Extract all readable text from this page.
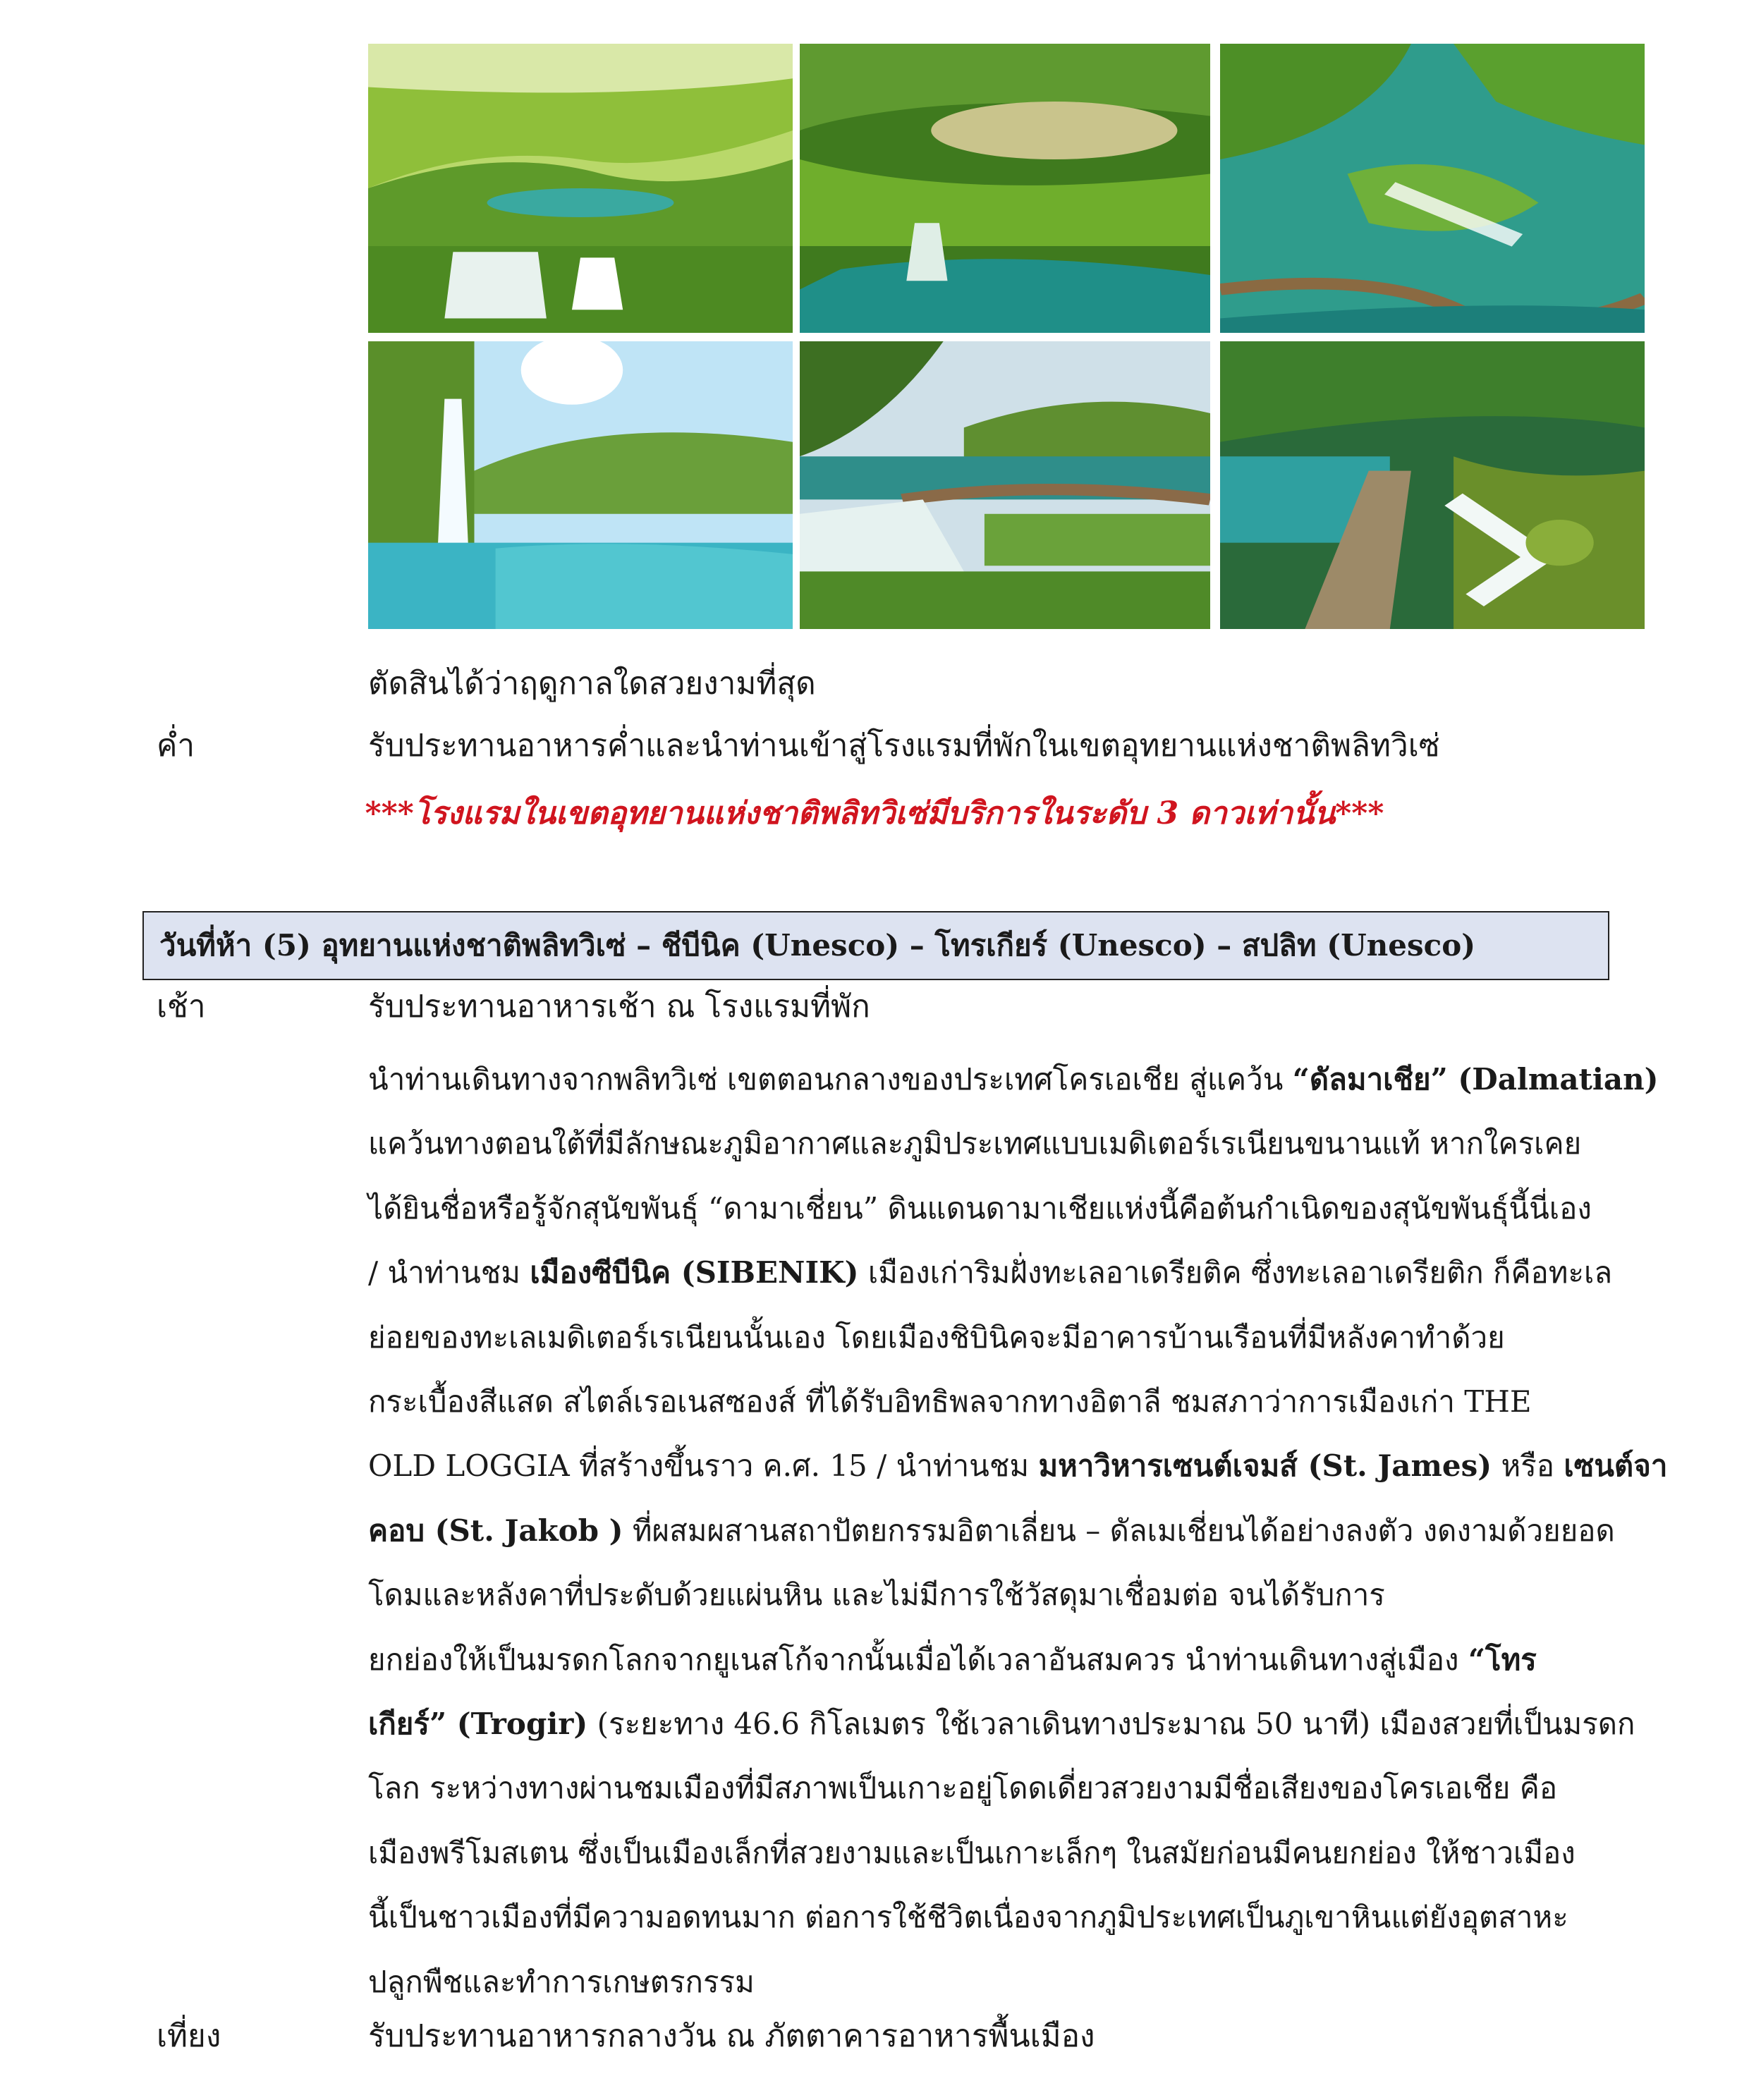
ตัดสินได้ว่าฤดูกาลใดสวยงามที่สุด
ค่ำ	รับประทานอาหารค่ำและนำท่านเข้าสู่โรงแรมที่พักในเขตอุทยานแห่งชาติพลิทวิเซ่
***โรงแรมในเขตอุทยานแห่งชาติพลิทวิเซ่มีบริการในระดับ 3 ดาวเท่านั้น***
วันที่ห้า (5) อุทยานแห่งชาติพลิทวิเซ่ – ชีบีนิค (Unesco) – โทรเกียร์ (Unesco) – สปลิท (Unesco)
เช้า	รับประทานอาหารเช้า ณ โรงแรมที่พัก

นำท่านเดินทางจากพลิทวิเซ่ เขตตอนกลางของประเทศโครเอเชีย สู่แคว้น “ดัลมาเชีย” (Dalmatian)

แคว้นทางตอนใต้ที่มีลักษณะภูมิอากาศและภูมิประเทศแบบเมดิเตอร์เรเนียนขนานแท้ หากใครเคย

ได้ยินชื่อหรือรู้จักสุนัขพันธุ์ “ดามาเชี่ยน” ดินแดนดามาเชียแห่งนี้คือต้นกำเนิดของสุนัขพันธุ์นี้นี่เอง

/ นำท่านชม เมืองซีบีนิค (SIBENIK) เมืองเก่าริมฝั่งทะเลอาเดรียติค ซึ่งทะเลอาเดรียติก ก็คือทะเล

ย่อยของทะเลเมดิเตอร์เรเนียนนั้นเอง โดยเมืองชิบินิคจะมีอาคารบ้านเรือนที่มีหลังคาทำด้วย

กระเบื้องสีแสด สไตล์เรอเนสซองส์ ที่ได้รับอิทธิพลจากทางอิตาลี ชมสภาว่าการเมืองเก่า THE

OLD LOGGIA ที่สร้างขึ้นราว ค.ศ. 15 / นำท่านชม มหาวิหารเซนต์เจมส์ (St. James) หรือ เซนต์จา

คอบ (St. Jakob ) ที่ผสมผสานสถาปัตยกรรมอิตาเลี่ยน – ดัลเมเชี่ยนได้อย่างลงตัว งดงามด้วยยอด

โดมและหลังคาที่ประดับด้วยแผ่นหิน และไม่มีการใช้วัสดุมาเชื่อมต่อ จนได้รับการ

ยกย่องให้เป็นมรดกโลกจากยูเนสโก้จากนั้นเมื่อได้เวลาอันสมควร นำท่านเดินทางสู่เมือง “โทร

เกียร์” (Trogir) (ระยะทาง 46.6 กิโลเมตร ใช้เวลาเดินทางประมาณ 50 นาที) เมืองสวยที่เป็นมรดก

โลก ระหว่างทางผ่านชมเมืองที่มีสภาพเป็นเกาะอยู่โดดเดี่ยวสวยงามมีชื่อเสียงของโครเอเชีย คือ

เมืองพรีโมสเตน ซึ่งเป็นเมืองเล็กที่สวยงามและเป็นเกาะเล็กๆ ในสมัยก่อนมีคนยกย่อง ให้ชาวเมือง

นี้เป็นชาวเมืองที่มีความอดทนมาก ต่อการใช้ชีวิตเนื่องจากภูมิประเทศเป็นภูเขาหินแต่ยังอุตสาหะ

ปลูกพืชและทำการเกษตรกรรม

เที่ยง	รับประทานอาหารกลางวัน ณ ภัตตาคารอาหารพื้นเมือง
